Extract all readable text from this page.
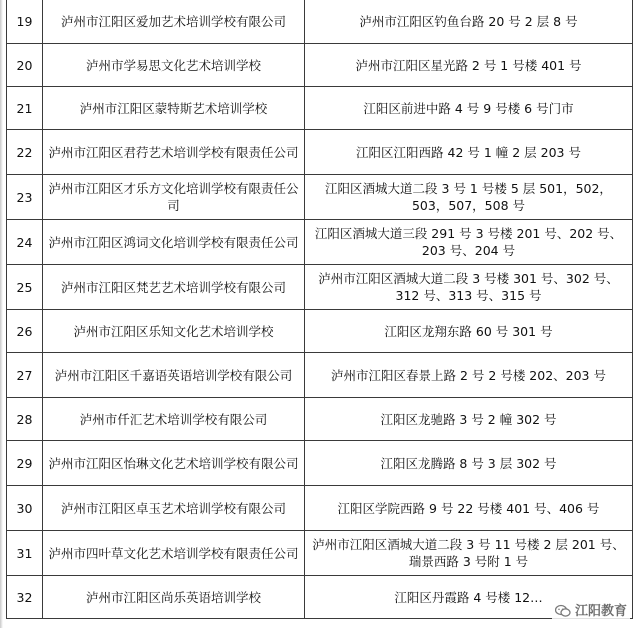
19	泸州市江阳区爱加艺术培训学校有限公司	泸州市江阳区钓鱼台路 20 号 2 层 8 号
20	泸州市学易思文化艺术培训学校	泸州市江阳区星光路 2 号 1 号楼 401 号
21	泸州市江阳区蒙特斯艺术培训学校	江阳区前进中路 4 号 9 号楼 6 号门市
22	泸州市江阳区君荇艺术培训学校有限责任公司	江阳区江阳西路 42 号 1 幢 2 层 203 号
23	泸州市江阳区才乐方文化培训学校有限责任公司	江阳区酒城大道二段 3 号 1 号楼 5 层 501，502，503，507，508 号
24	泸州市江阳区鸿词文化培训学校有限责任公司	江阳区酒城大道三段 291 号 3 号楼 201 号、202 号、203 号、204 号
25	泸州市江阳区梵艺艺术培训学校有限公司	泸州市江阳区酒城大道二段 3 号楼 301 号、302 号、312 号、313 号、315 号
26	泸州市江阳区乐知文化艺术培训学校	江阳区龙翔东路 60 号 301 号
27	泸州市江阳区千嘉语英语培训学校有限公司	泸州市江阳区春景上路 2 号 2 号楼 202、203 号
28	泸州市仟汇艺术培训学校有限公司	江阳区龙驰路 3 号 2 幢 302 号
29	泸州市江阳区怡琳文化艺术培训学校有限公司	江阳区龙腾路 8 号 3 层 302 号
30	泸州市江阳区卓玉艺术培训学校有限公司	江阳区学院西路 9 号 22 号楼 401 号、406 号
31	泸州市四叶草文化艺术培训学校有限责任公司	泸州市江阳区酒城大道二段 3 号 11 号楼 2 层 201 号、瑞景西路 3 号附 1 号
32	泸州市江阳区尚乐英语培训学校	江阳区丹霞路 4 号楼 12…
江阳教育
